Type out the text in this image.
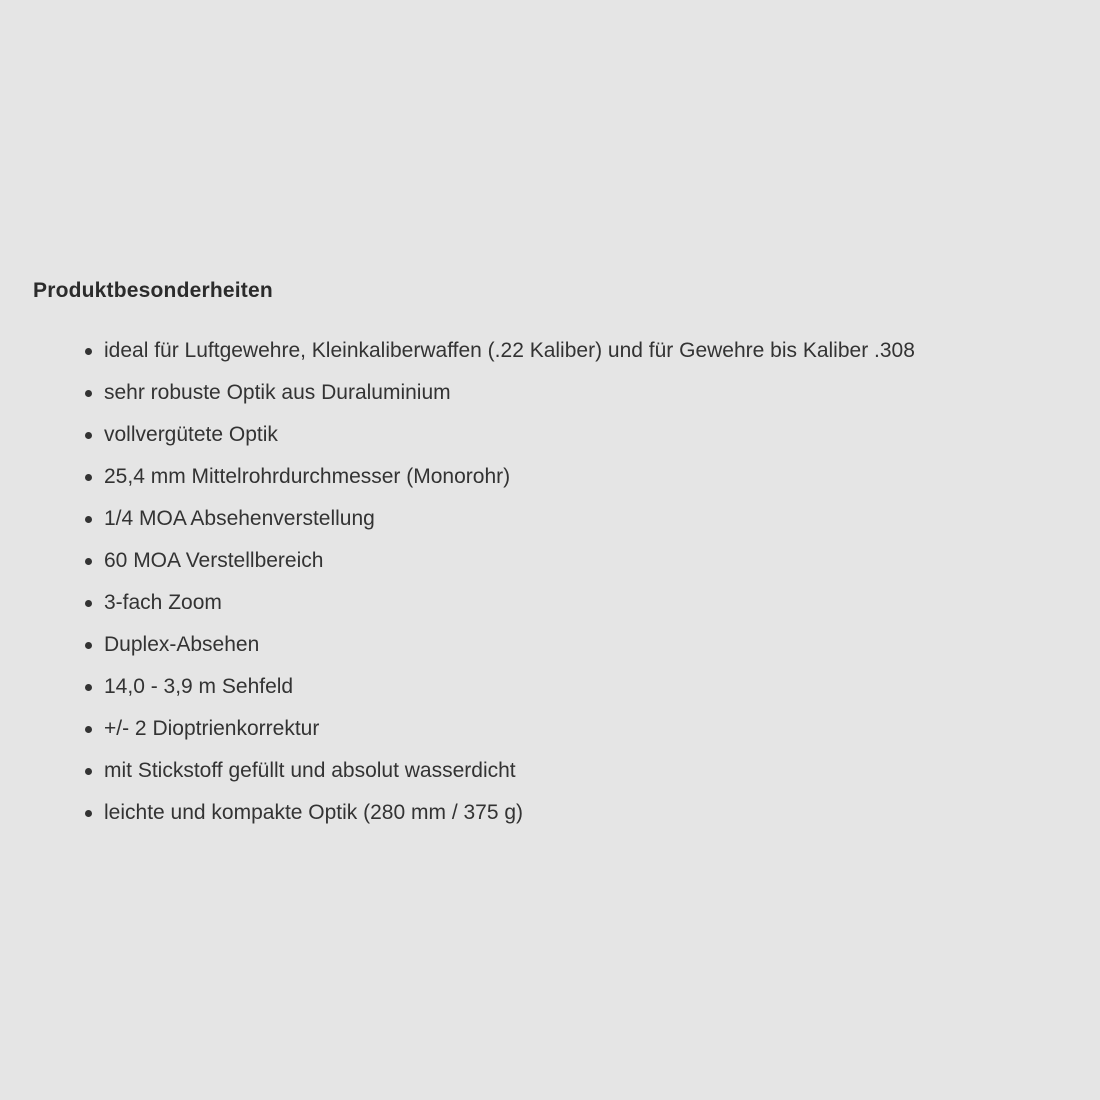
Produktbesonderheiten
ideal für Luftgewehre, Kleinkaliberwaffen (.22 Kaliber) und für Gewehre bis Kaliber .308
sehr robuste Optik aus Duraluminium
vollvergütete Optik
25,4 mm Mittelrohrdurchmesser (Monorohr)
1/4 MOA Absehenverstellung
60 MOA Verstellbereich
3-fach Zoom
Duplex-Absehen
14,0 - 3,9 m Sehfeld
+/- 2 Dioptrienkorrektur
mit Stickstoff gefüllt und absolut wasserdicht
leichte und kompakte Optik (280 mm / 375 g)
